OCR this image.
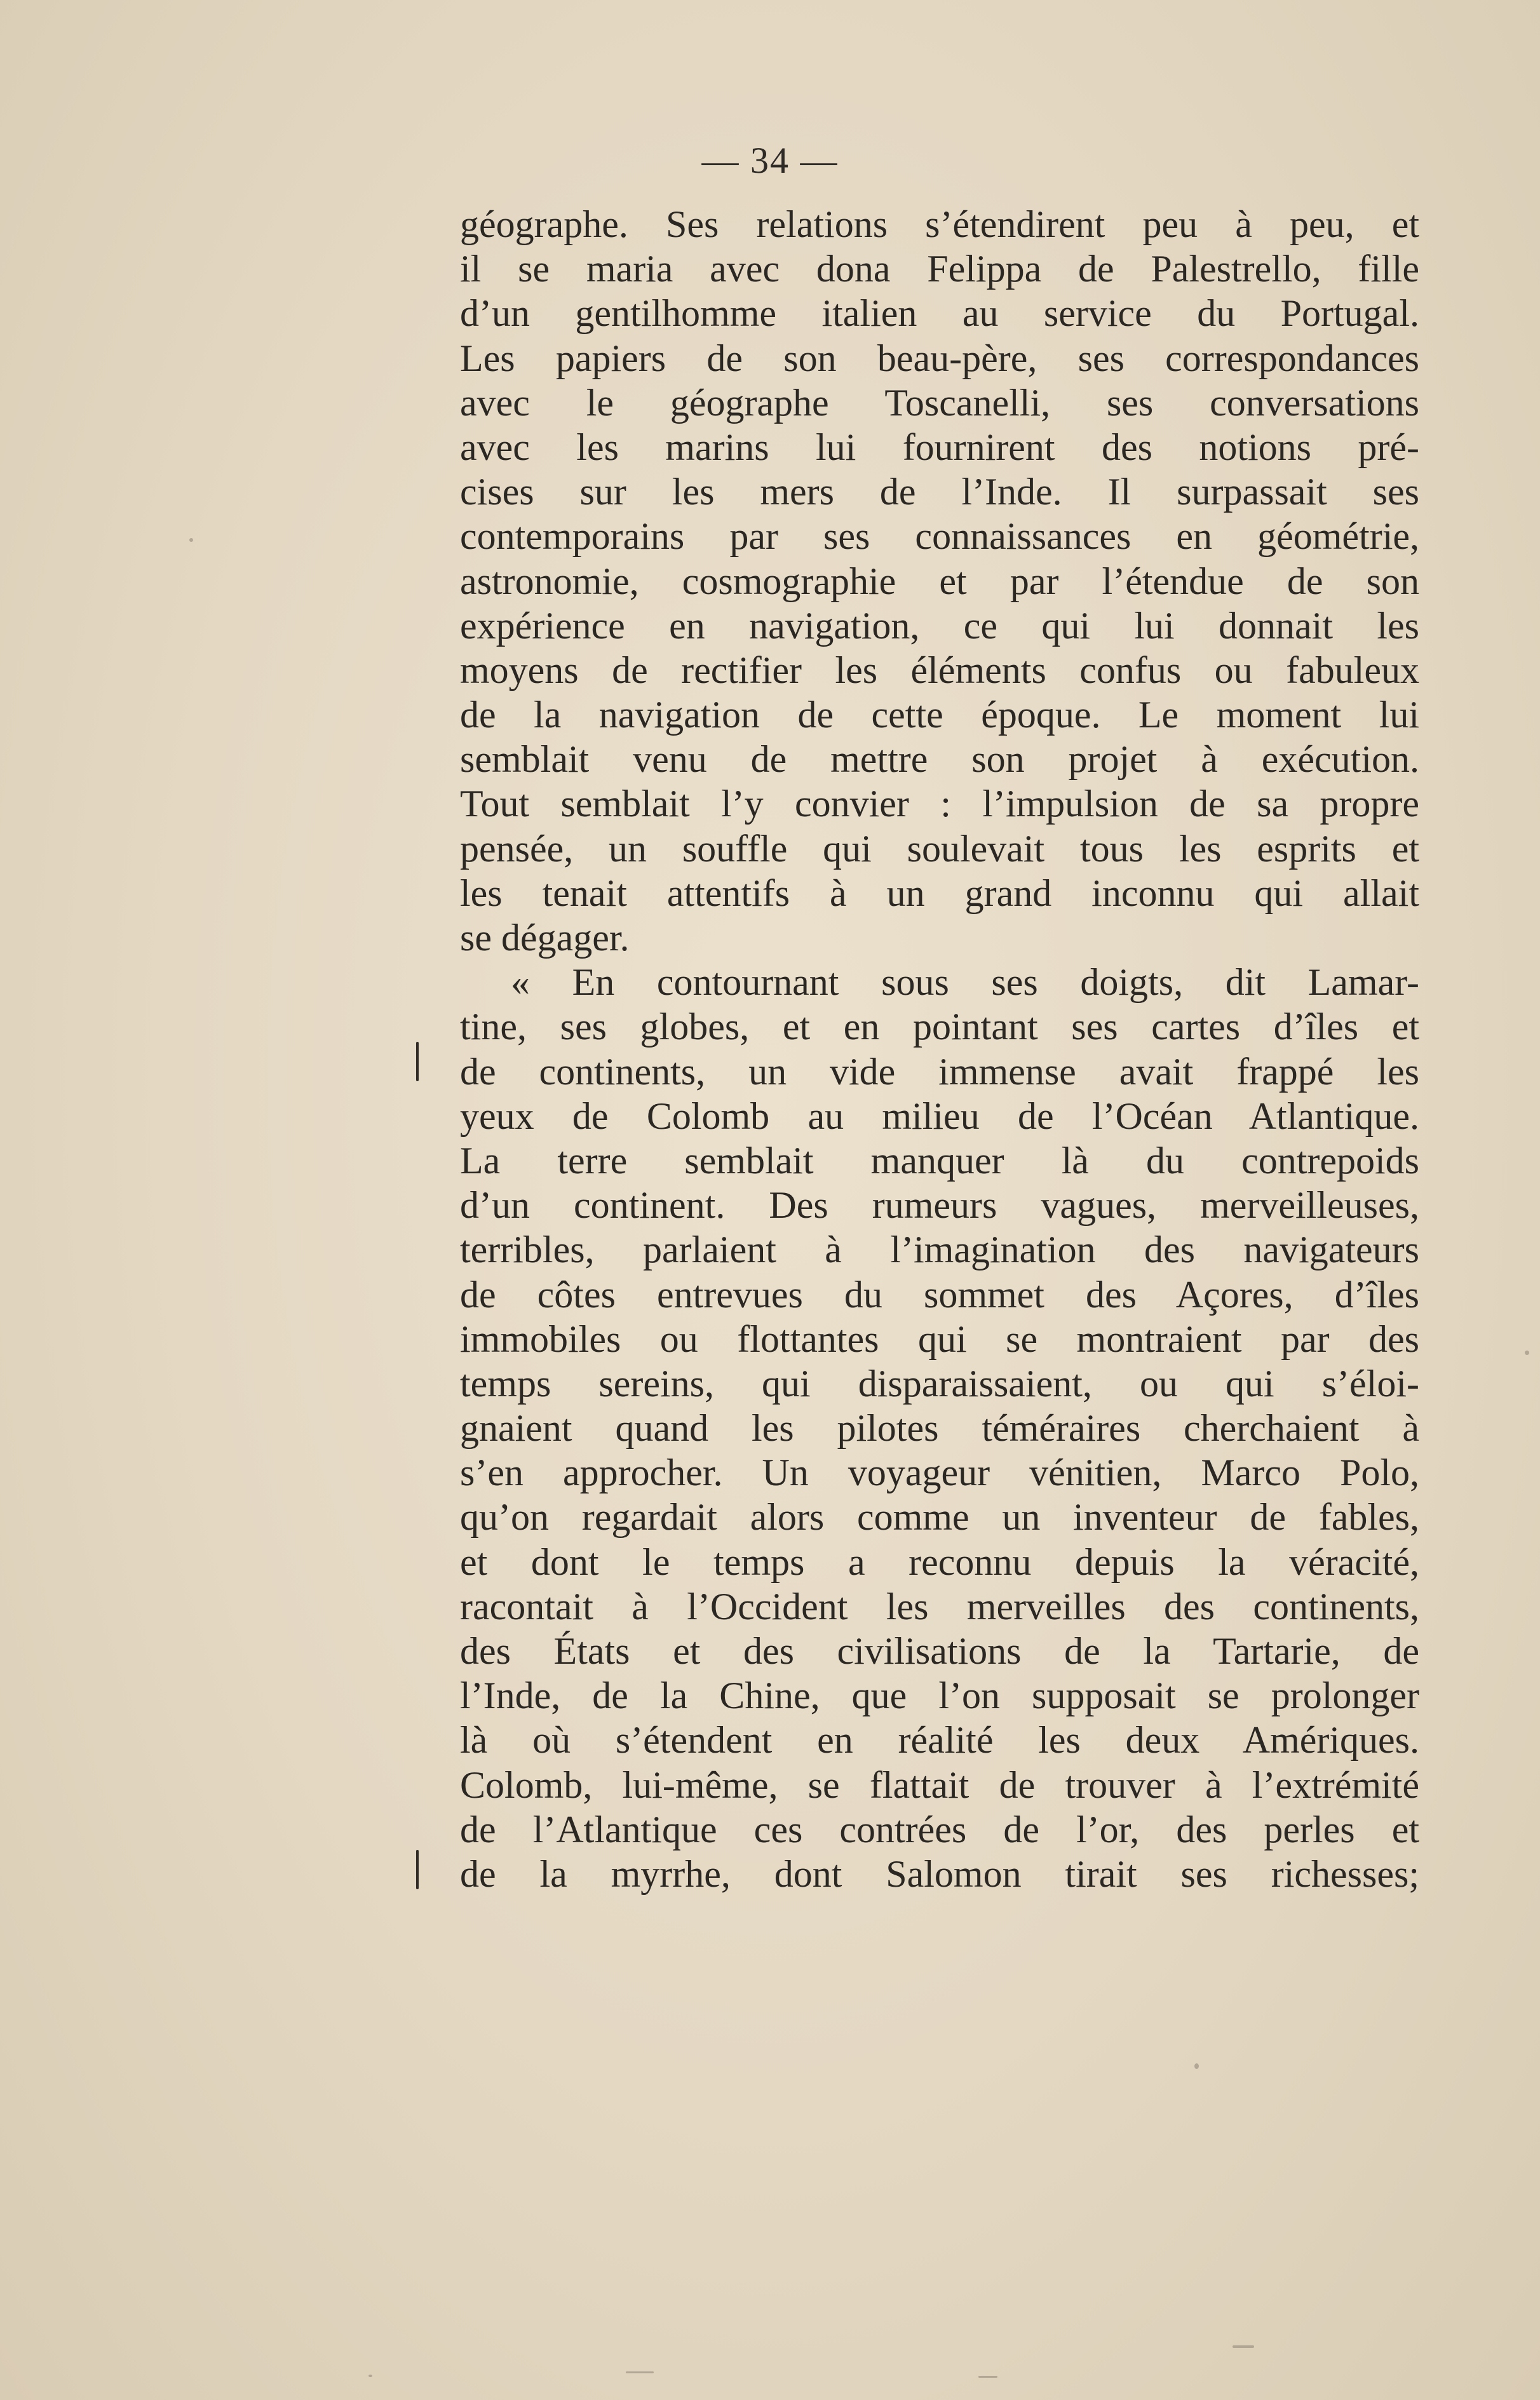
— 34 —
géographe. Ses relations s’étendirent peu à peu, et
il se maria avec dona Felippa de Palestrello, fille
d’un gentilhomme italien au service du Portugal.
Les papiers de son beau-père, ses correspondances
avec le géographe Toscanelli, ses conversations
avec les marins lui fournirent des notions pré-
cises sur les mers de l’Inde. Il surpassait ses
contemporains par ses connaissances en géométrie,
astronomie, cosmographie et par l’étendue de son
expérience en navigation, ce qui lui donnait les
moyens de rectifier les éléments confus ou fabuleux
de la navigation de cette époque. Le moment lui
semblait venu de mettre son projet à exécution.
Tout semblait l’y convier : l’impulsion de sa propre
pensée, un souffle qui soulevait tous les esprits et
les tenait attentifs à un grand inconnu qui allait
se dégager.
« En contournant sous ses doigts, dit Lamar-
tine, ses globes, et en pointant ses cartes d’îles et
de continents, un vide immense avait frappé les
yeux de Colomb au milieu de l’Océan Atlantique.
La terre semblait manquer là du contrepoids
d’un continent. Des rumeurs vagues, merveilleuses,
terribles, parlaient à l’imagination des navigateurs
de côtes entrevues du sommet des Açores, d’îles
immobiles ou flottantes qui se montraient par des
temps sereins, qui disparaissaient, ou qui s’éloi-
gnaient quand les pilotes téméraires cherchaient à
s’en approcher. Un voyageur vénitien, Marco Polo,
qu’on regardait alors comme un inventeur de fables,
et dont le temps a reconnu depuis la véracité,
racontait à l’Occident les merveilles des continents,
des États et des civilisations de la Tartarie, de
l’Inde, de la Chine, que l’on supposait se prolonger
là où s’étendent en réalité les deux Amériques.
Colomb, lui-même, se flattait de trouver à l’extrémité
de l’Atlantique ces contrées de l’or, des perles et
de la myrrhe, dont Salomon tirait ses richesses;
